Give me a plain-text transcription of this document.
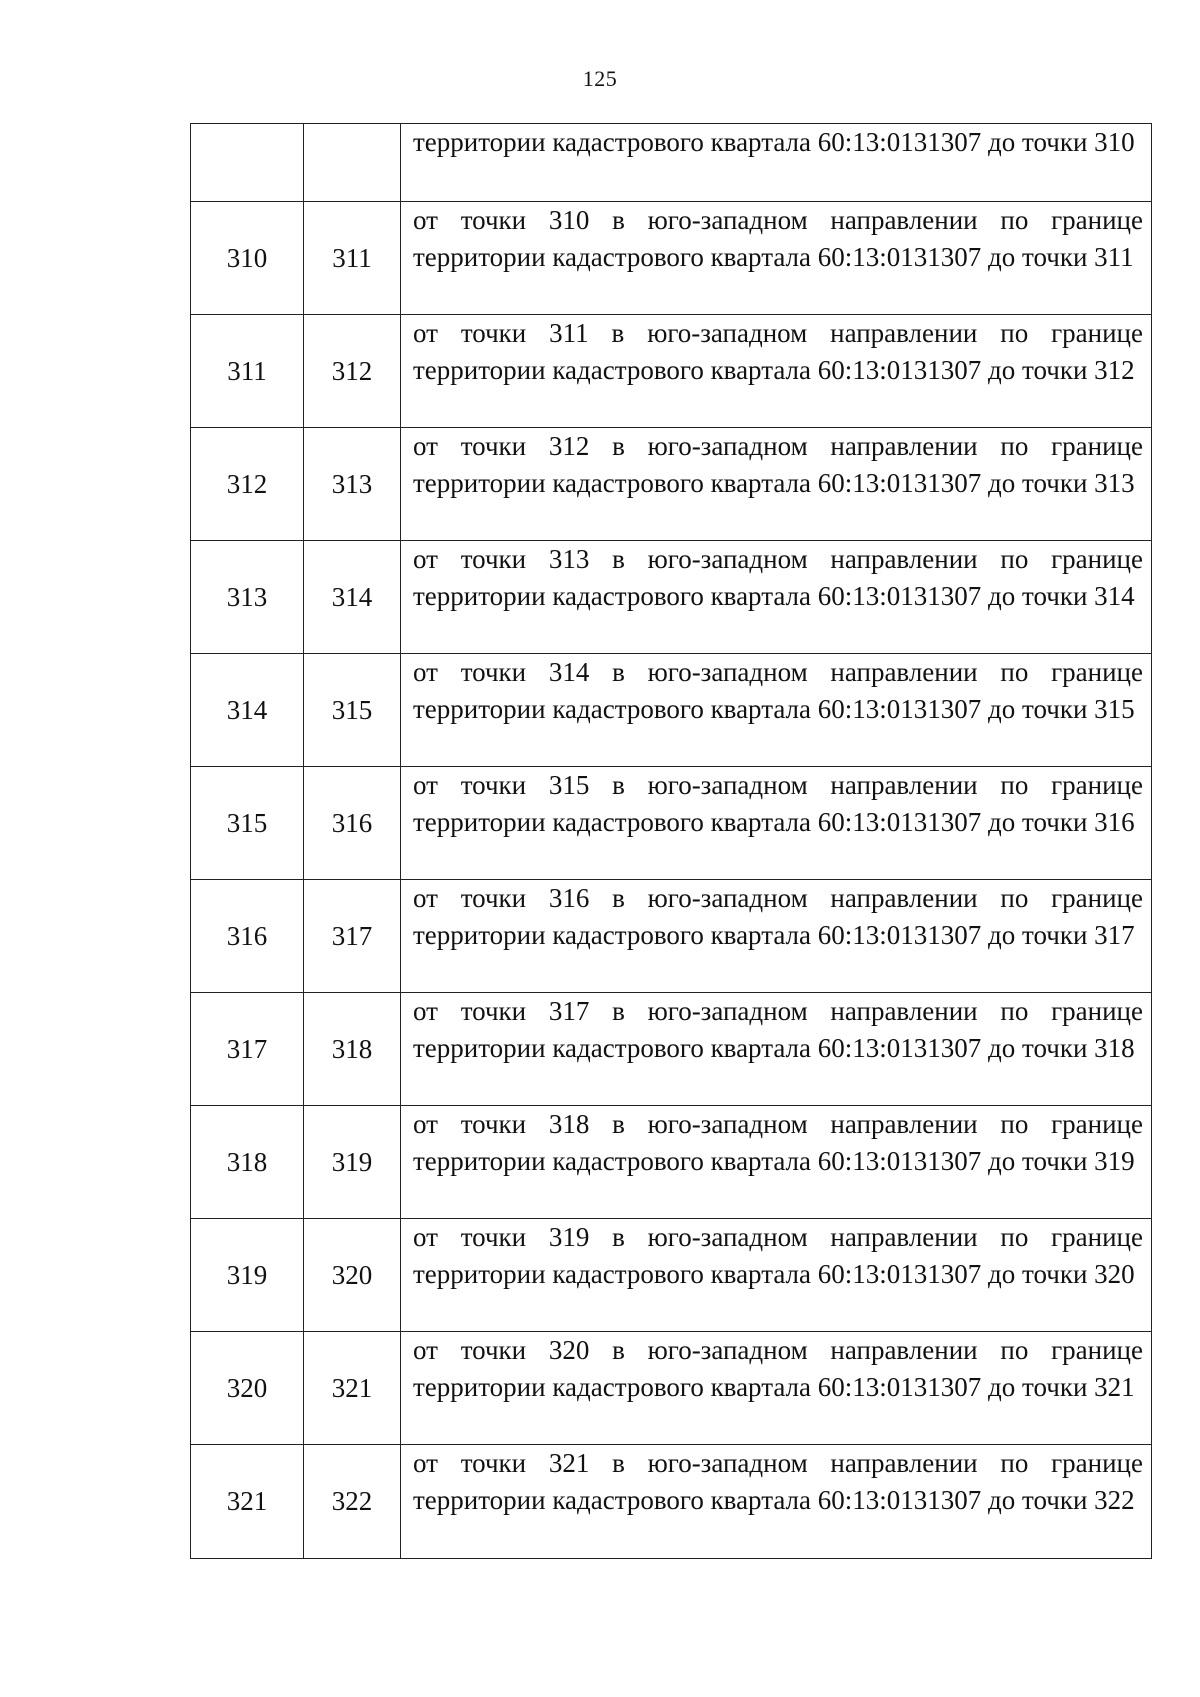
125
		территории кадастрового квартала 60:13:0131307 до точки 310
310	311	от точки 310 в юго-западном направлении по границе территории кадастрового квартала 60:13:0131307 до точки 311
311	312	от точки 311 в юго-западном направлении по границе территории кадастрового квартала 60:13:0131307 до точки 312
312	313	от точки 312 в юго-западном направлении по границе территории кадастрового квартала 60:13:0131307 до точки 313
313	314	от точки 313 в юго-западном направлении по границе территории кадастрового квартала 60:13:0131307 до точки 314
314	315	от точки 314 в юго-западном направлении по границе территории кадастрового квартала 60:13:0131307 до точки 315
315	316	от точки 315 в юго-западном направлении по границе территории кадастрового квартала 60:13:0131307 до точки 316
316	317	от точки 316 в юго-западном направлении по границе территории кадастрового квартала 60:13:0131307 до точки 317
317	318	от точки 317 в юго-западном направлении по границе территории кадастрового квартала 60:13:0131307 до точки 318
318	319	от точки 318 в юго-западном направлении по границе территории кадастрового квартала 60:13:0131307 до точки 319
319	320	от точки 319 в юго-западном направлении по границе территории кадастрового квартала 60:13:0131307 до точки 320
320	321	от точки 320 в юго-западном направлении по границе территории кадастрового квартала 60:13:0131307 до точки 321
321	322	от точки 321 в юго-западном направлении по границе территории кадастрового квартала 60:13:0131307 до точки 322
